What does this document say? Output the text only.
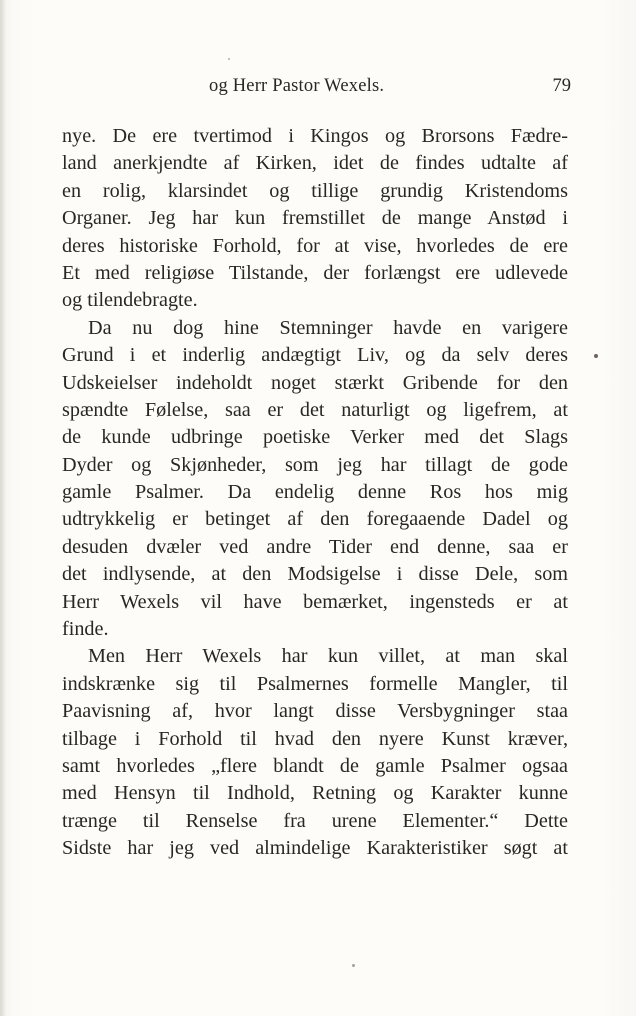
og Herr Pastor Wexels.	79
nye. De ere tvertimod i Kingos og Brorsons Fædre-
land anerkjendte af Kirken, idet de findes udtalte af
en rolig, klarsindet og tillige grundig Kristendoms
Organer. Jeg har kun fremstillet de mange Anstød i
deres historiske Forhold, for at vise, hvorledes de ere
Et med religiøse Tilstande, der forlængst ere udlevede
og tilendebragte.
Da nu dog hine Stemninger havde en varigere
Grund i et inderlig andægtigt Liv, og da selv deres
Udskeielser indeholdt noget stærkt Gribende for den
spændte Følelse, saa er det naturligt og ligefrem, at
de kunde udbringe poetiske Verker med det Slags
Dyder og Skjønheder, som jeg har tillagt de gode
gamle Psalmer. Da endelig denne Ros hos mig
udtrykkelig er betinget af den foregaaende Dadel og
desuden dvæler ved andre Tider end denne, saa er
det indlysende, at den Modsigelse i disse Dele, som
Herr Wexels vil have bemærket, ingensteds er at
finde.
Men Herr Wexels har kun villet, at man skal
indskrænke sig til Psalmernes formelle Mangler, til
Paavisning af, hvor langt disse Versbygninger staa
tilbage i Forhold til hvad den nyere Kunst kræver,
samt hvorledes „flere blandt de gamle Psalmer ogsaa
med Hensyn til Indhold, Retning og Karakter kunne
trænge til Renselse fra urene Elementer.“ Dette
Sidste har jeg ved almindelige Karakteristiker søgt at
